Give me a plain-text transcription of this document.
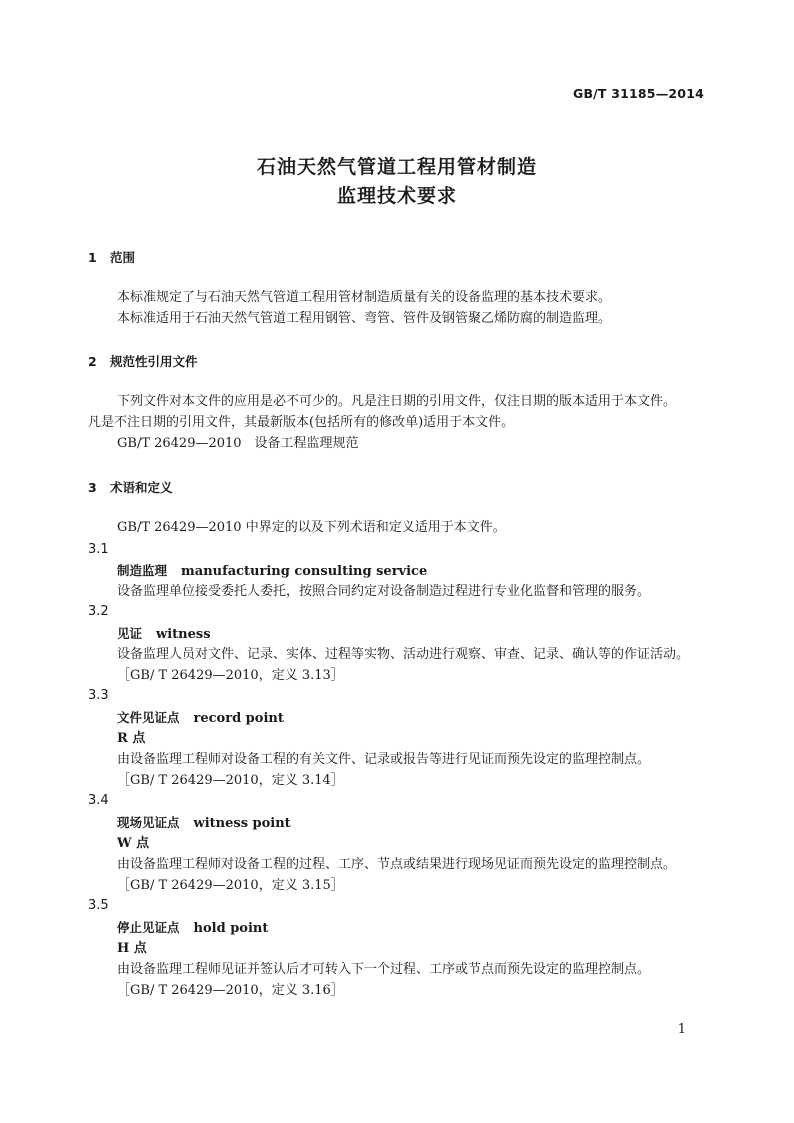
GB/T 31185—2014
石油天然气管道工程用管材制造
监理技术要求
1 范围
本标准规定了与石油天然气管道工程用管材制造质量有关的设备监理的基本技术要求。
本标准适用于石油天然气管道工程用钢管、弯管、管件及钢管聚乙烯防腐的制造监理。
2 规范性引用文件
下列文件对本文件的应用是必不可少的。凡是注日期的引用文件，仅注日期的版本适用于本文件。
凡是不注日期的引用文件，其最新版本(包括所有的修改单)适用于本文件。
GB/T 26429—2010　设备工程监理规范
3 术语和定义
GB/T 26429—2010 中界定的以及下列术语和定义适用于本文件。
3.1
制造监理 manufacturing consulting service
设备监理单位接受委托人委托，按照合同约定对设备制造过程进行专业化监督和管理的服务。
3.2
见证 witness
设备监理人员对文件、记录、实体、过程等实物、活动进行观察、审查、记录、确认等的作证活动。
［GB/ T 26429—2010，定义 3.13］
3.3
文件见证点 record point
R 点
由设备监理工程师对设备工程的有关文件、记录或报告等进行见证而预先设定的监理控制点。
［GB/ T 26429—2010，定义 3.14］
3.4
现场见证点 witness point
W 点
由设备监理工程师对设备工程的过程、工序、节点或结果进行现场见证而预先设定的监理控制点。
［GB/ T 26429—2010，定义 3.15］
3.5
停止见证点 hold point
H 点
由设备监理工程师见证并签认后才可转入下一个过程、工序或节点而预先设定的监理控制点。
［GB/ T 26429—2010，定义 3.16］
1
